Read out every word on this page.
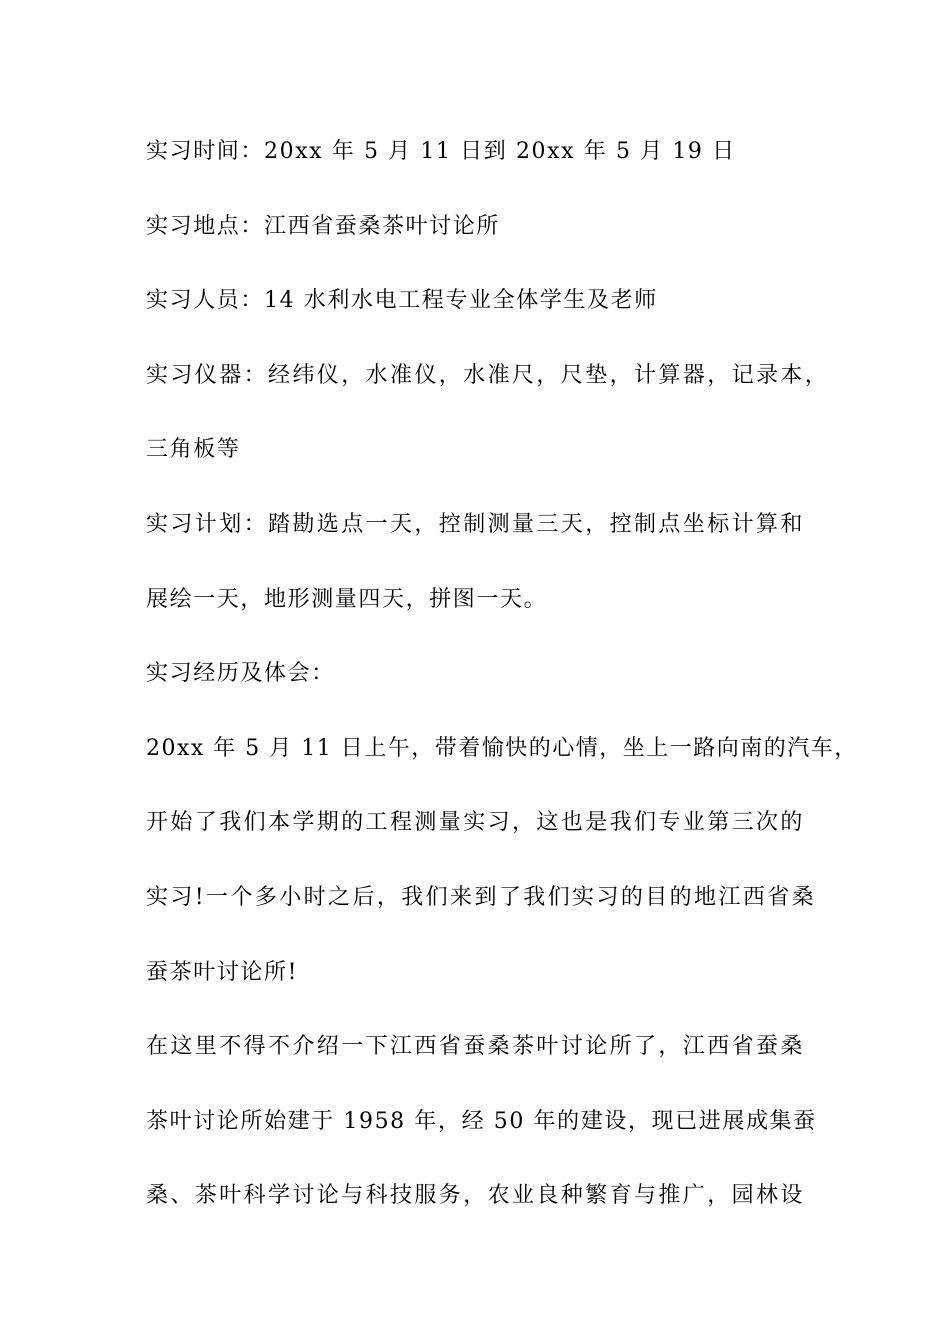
实习时间：20xx 年 5 月 11 日到 20xx 年 5 月 19 日

实习地点：江西省蚕桑茶叶讨论所

实习人员：14 水利水电工程专业全体学生及老师

实习仪器：经纬仪，水准仪，水准尺，尺垫，计算器，记录本，

三角板等

实习计划：踏勘选点一天，控制测量三天，控制点坐标计算和

展绘一天，地形测量四天，拼图一天。

实习经历及体会：

20xx 年 5 月 11 日上午，带着愉快的心情，坐上一路向南的汽车，

开始了我们本学期的工程测量实习，这也是我们专业第三次的

实习!一个多小时之后，我们来到了我们实习的目的地江西省桑

蚕茶叶讨论所!

在这里不得不介绍一下江西省蚕桑茶叶讨论所了，江西省蚕桑

茶叶讨论所始建于 1958 年，经 50 年的建设，现已进展成集蚕

桑、茶叶科学讨论与科技服务，农业良种繁育与推广，园林设
